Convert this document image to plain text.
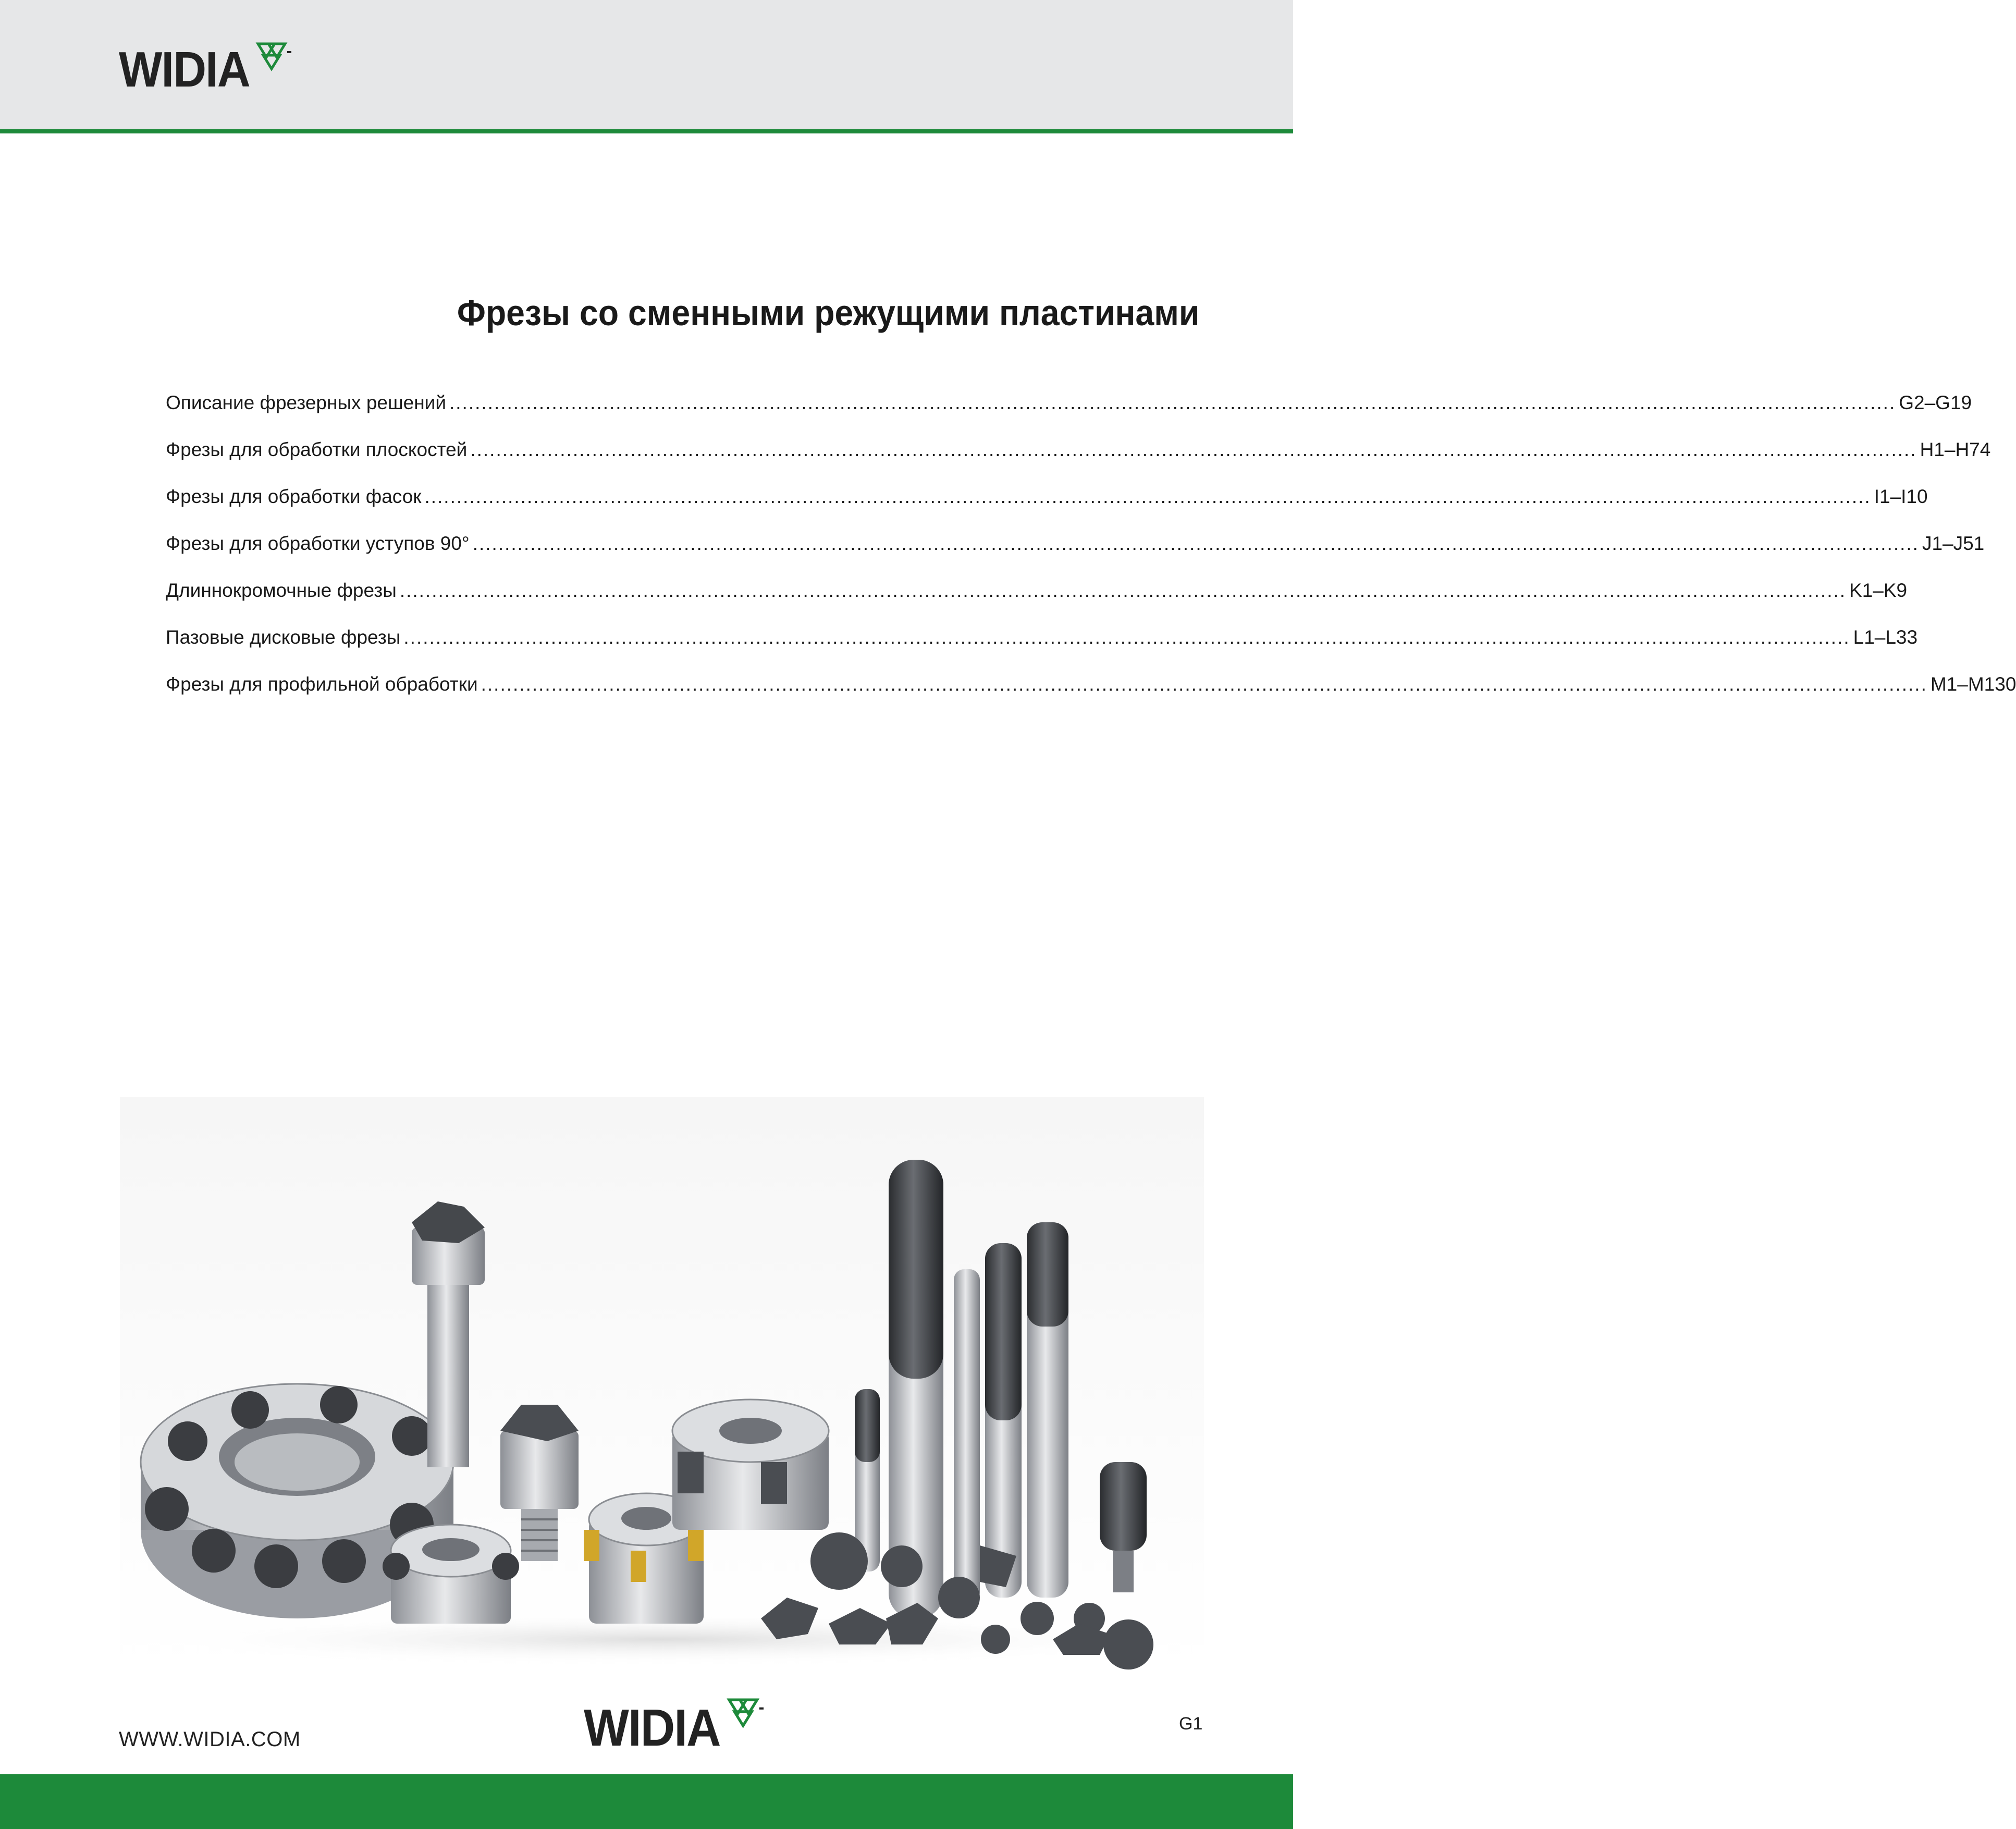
WIDIA
Фрезы со сменными режущими пластинами
Описание фрезерных решений .................................................................................................................................................................................................................................. G2–G19
Фрезы для обработки плоскостей .................................................................................................................................................................................................................................. H1–H74
Фрезы для обработки фасок .................................................................................................................................................................................................................................. I1–I10
Фрезы для обработки уступов 90° .................................................................................................................................................................................................................................. J1–J51
Длиннокромочные фрезы .................................................................................................................................................................................................................................. K1–K9
Пазовые дисковые фрезы .................................................................................................................................................................................................................................. L1–L33
Фрезы для профильной обработки .................................................................................................................................................................................................................................. M1–M130
WWW.WIDIA.COM	WIDIA	G1
